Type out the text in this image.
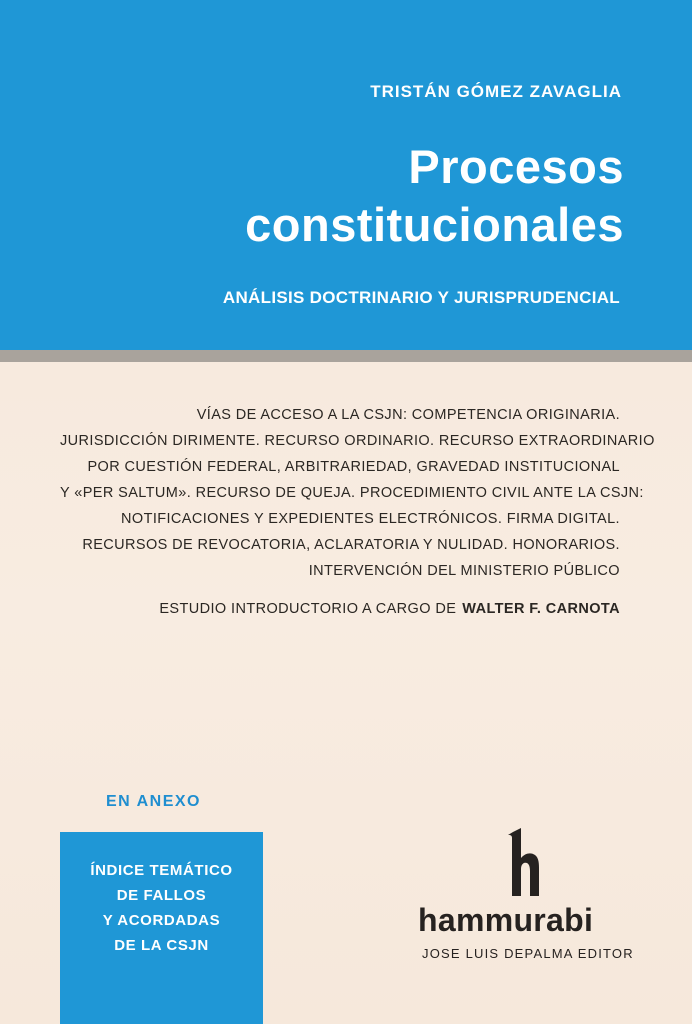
TRISTÁN GÓMEZ ZAVAGLIA
Procesos
constitucionales
ANÁLISIS DOCTRINARIO Y JURISPRUDENCIAL
VÍAS DE ACCESO A LA CSJN: COMPETENCIA ORIGINARIA.
JURISDICCIÓN DIRIMENTE. RECURSO ORDINARIO. RECURSO EXTRAORDINARIO
POR CUESTIÓN FEDERAL, ARBITRARIEDAD, GRAVEDAD INSTITUCIONAL
Y «PER SALTUM». RECURSO DE QUEJA. PROCEDIMIENTO CIVIL ANTE LA CSJN:
NOTIFICACIONES Y EXPEDIENTES ELECTRÓNICOS. FIRMA DIGITAL.
RECURSOS DE REVOCATORIA, ACLARATORIA Y NULIDAD. HONORARIOS.
INTERVENCIÓN DEL MINISTERIO PÚBLICO
ESTUDIO INTRODUCTORIO A CARGO DE WALTER F. CARNOTA
EN ANEXO
ÍNDICE TEMÁTICO
DE FALLOS
Y ACORDADAS
DE LA CSJN
hammurabi
JOSE LUIS DEPALMA EDITOR
